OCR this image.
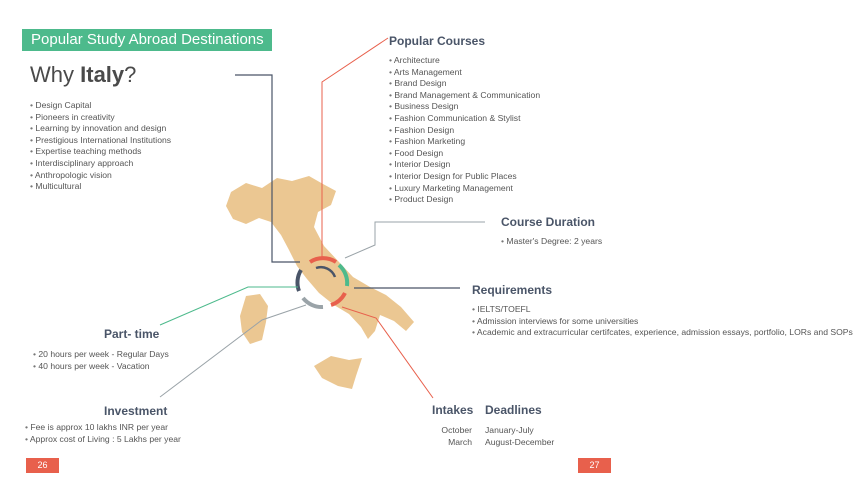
Popular Study Abroad Destinations
Why Italy?
• Design Capital
• Pioneers in creativity
• Learning by innovation and design
• Prestigious International Institutions
• Expertise teaching methods
• Interdisciplinary approach
• Anthropologic vision
• Multicultural
Popular Courses
• Architecture
• Arts Management
• Brand Design
• Brand Management & Communication
• Business Design
• Fashion Communication & Stylist
• Fashion Design
• Fashion Marketing
• Food Design
• Interior Design
• Interior Design for Public Places
• Luxury Marketing Management
• Product Design
Course Duration
• Master's Degree: 2 years
Requirements
• IELTS/TOEFL
• Admission interviews for some universities
• Academic and extracurricular certifcates, experience, admission essays, portfolio, LORs and SOPs
Part- time
• 20 hours per week - Regular Days
• 40 hours per week - Vacation
Investment
• Fee is approx 10 lakhs INR per year
• Approx cost of Living : 5 Lakhs per year
Intakes
October
March
Deadlines
January-July
August-December
26	27
